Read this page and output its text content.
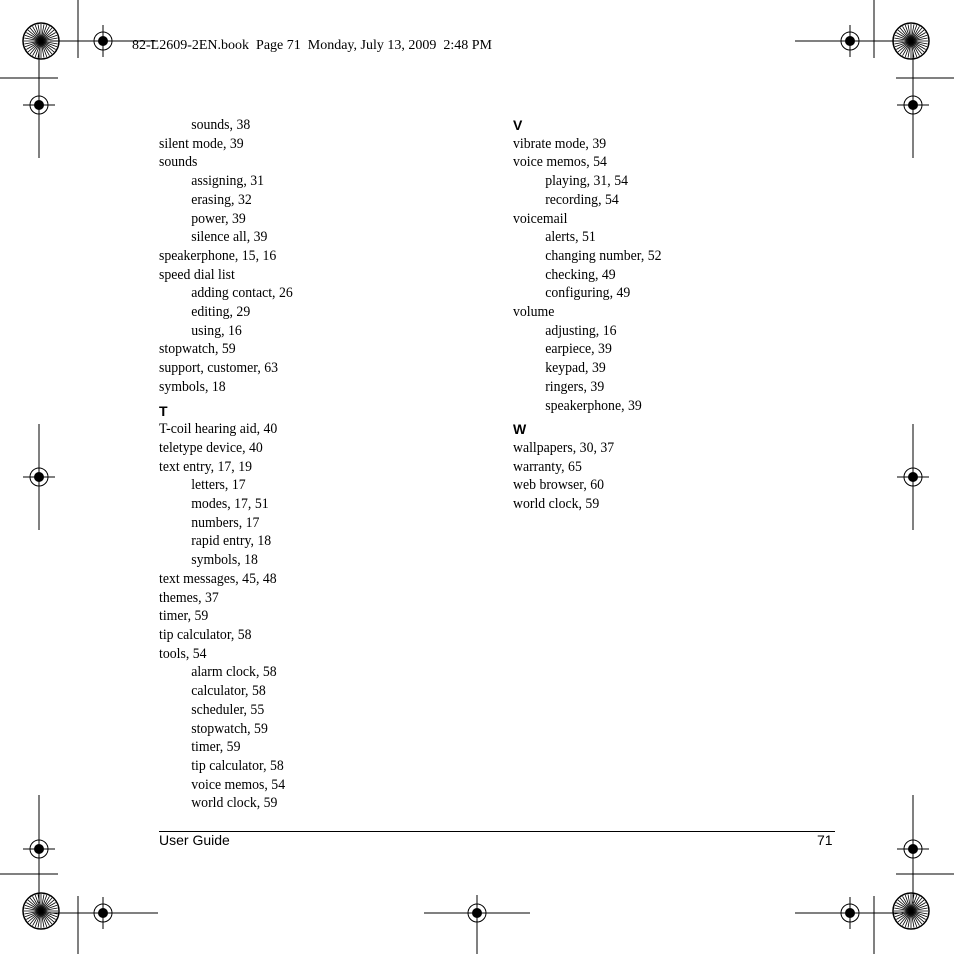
82-L2609-2EN.book  Page 71  Monday, July 13, 2009  2:48 PM
sounds, 38
silent mode, 39
sounds
assigning, 31
erasing, 32
power, 39
silence all, 39
speakerphone, 15, 16
speed dial list
adding contact, 26
editing, 29
using, 16
stopwatch, 59
support, customer, 63
symbols, 18
T
T-coil hearing aid, 40
teletype device, 40
text entry, 17, 19
letters, 17
modes, 17, 51
numbers, 17
rapid entry, 18
symbols, 18
text messages, 45, 48
themes, 37
timer, 59
tip calculator, 58
tools, 54
alarm clock, 58
calculator, 58
scheduler, 55
stopwatch, 59
timer, 59
tip calculator, 58
voice memos, 54
world clock, 59
V
vibrate mode, 39
voice memos, 54
playing, 31, 54
recording, 54
voicemail
alerts, 51
changing number, 52
checking, 49
configuring, 49
volume
adjusting, 16
earpiece, 39
keypad, 39
ringers, 39
speakerphone, 39
W
wallpapers, 30, 37
warranty, 65
web browser, 60
world clock, 59
User Guide	71
